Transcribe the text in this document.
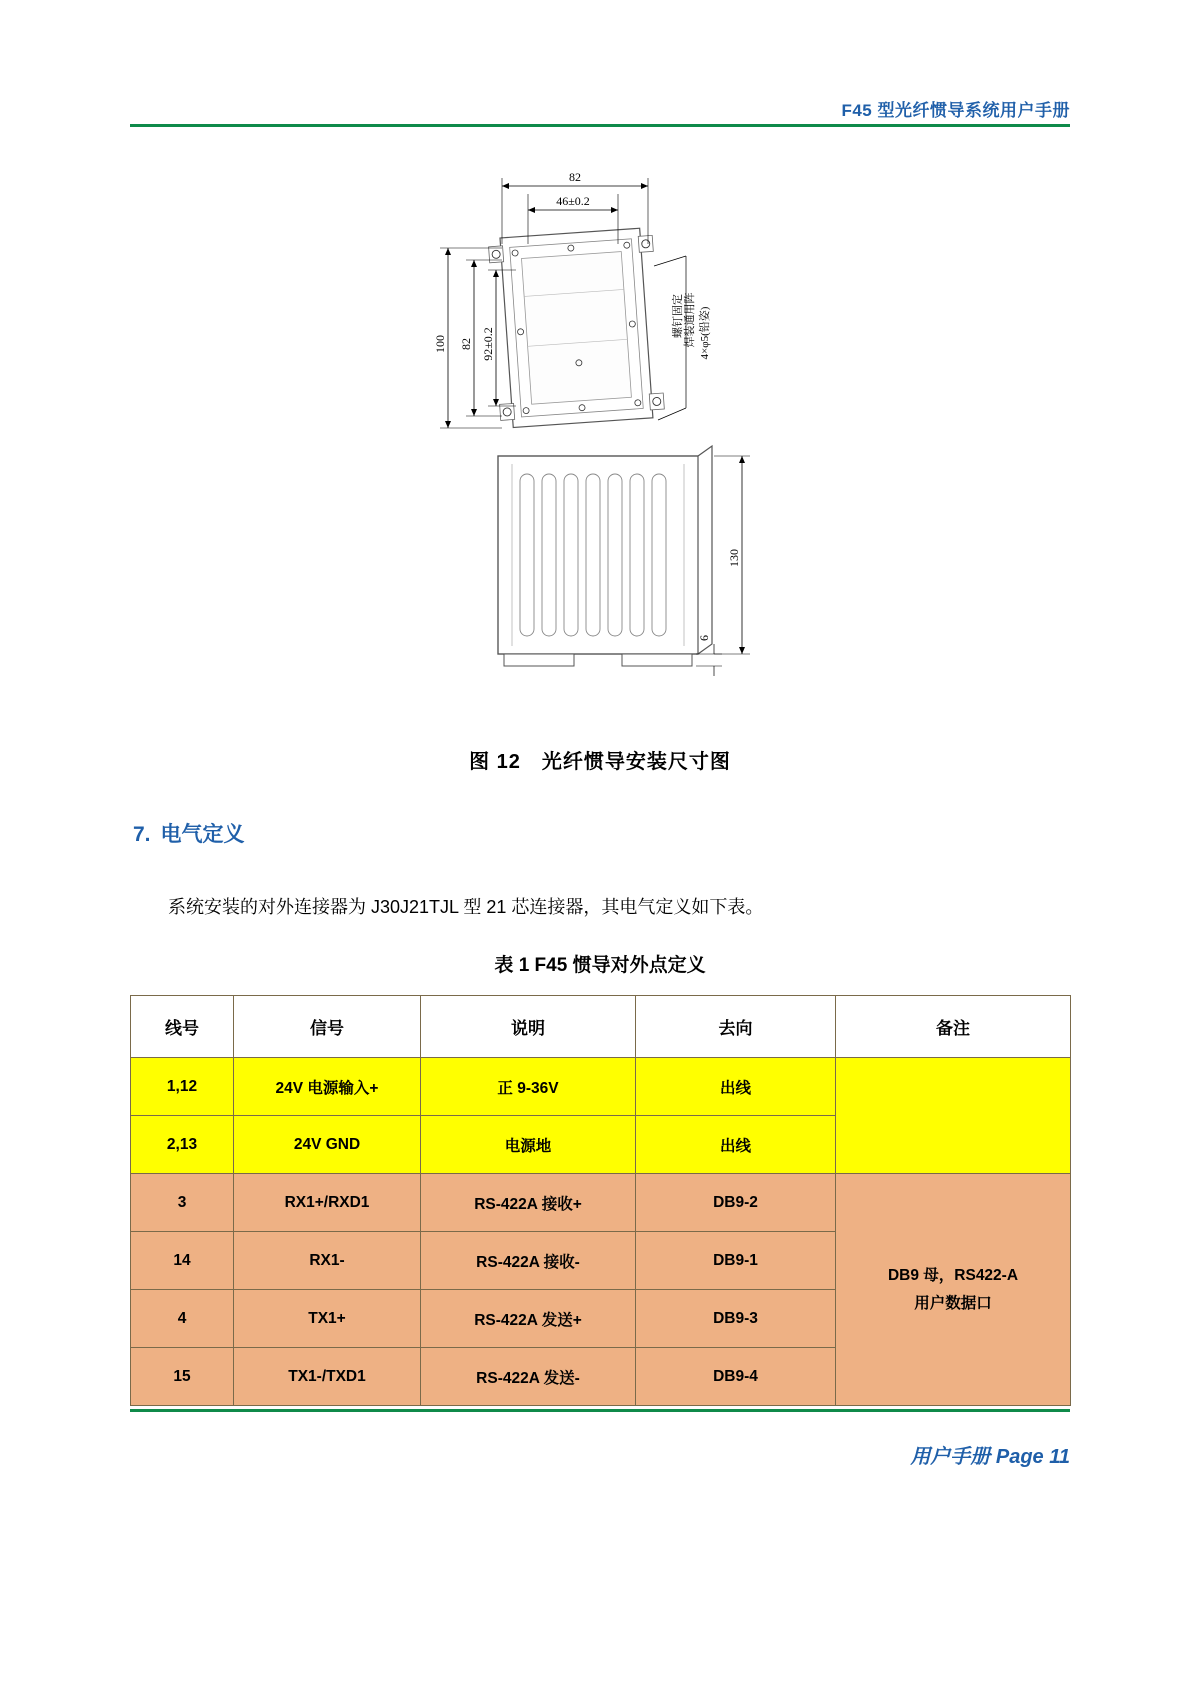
F45 型光纤惯导系统用户手册
82
46±0.2
100 82 92±0.2
130
6
4×φ5(铅姿)
焊装通用阵
螺钉固定
图 12　光纤惯导安装尺寸图
7. 电气定义
系统安装的对外连接器为 J30J21TJL 型 21 芯连接器，其电气定义如下表。
表 1 F45 惯导对外点定义
线号	信号	说明	去向	备注
1,12	24V 电源输入+	正 9-36V	出线	
2,13	24V GND	电源地	出线	
3	RX1+/RXD1	RS-422A 接收+	DB9-2	DB9 母，RS422-A
用户数据口

14	RX1-	RS-422A 接收-	DB9-1	
4	TX1+	RS-422A 发送+	DB9-3	
15	TX1-/TXD1	RS-422A 发送-	DB9-4	
用户手册 Page 11
